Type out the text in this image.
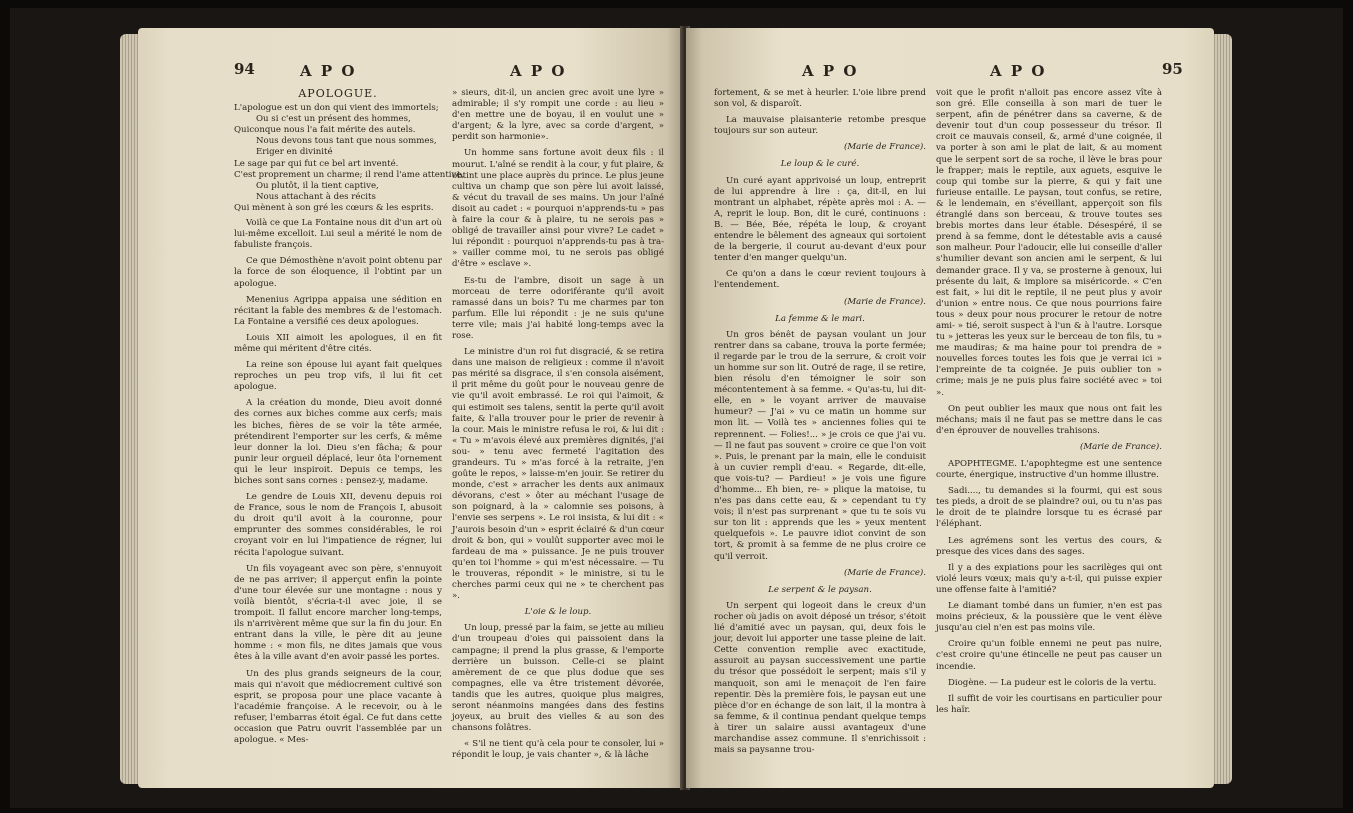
94	A P O	A P O
APOLOGUE.
L'apologue est un don qui vient des immortels;
Ou si c'est un présent des hommes,
Quiconque nous l'a fait mérite des autels.
Nous devons tous tant que nous sommes,
Eriger en divinité
Le sage par qui fut ce bel art inventé.
C'est proprement un charme; il rend l'ame attentive,
Ou plutôt, il la tient captive,
Nous attachant à des récits
Qui mènent à son gré les cœurs & les esprits.

Voilà ce que La Fontaine nous dit d'un art où lui-même excelloit. Lui seul a mérité le nom de fabuliste françois.

Ce que Démosthène n'avoit point obtenu par la force de son éloquence, il l'obtint par un apologue.

Menenius Agrippa appaisa une sédition en récitant la fable des membres & de l'estomach. La Fontaine a versifié ces deux apologues.

Louis XII aimoit les apologues, il en fit même qui méritent d'être cités.

La reine son épouse lui ayant fait quelques reproches un peu trop vifs, il lui fit cet apologue.

A la création du monde, Dieu avoit donné des cornes aux biches comme aux cerfs; mais les biches, fières de se voir la tête armée, prétendirent l'emporter sur les cerfs, & même leur donner la loi. Dieu s'en fâcha; & pour punir leur orgueil déplacé, leur ôta l'ornement qui le leur inspiroit. Depuis ce temps, les biches sont sans cornes : pensez-y, madame.

Le gendre de Louis XII, devenu depuis roi de France, sous le nom de François I, abusoit du droit qu'il avoit à la couronne, pour emprunter des sommes considérables, le roi croyant voir en lui l'impatience de régner, lui récita l'apologue suivant.

Un fils voyageant avec son père, s'ennuyoit de ne pas arriver; il apperçut enfin la pointe d'une tour élevée sur une montagne : nous y voilà bientôt, s'écria-t-il avec joie, il se trompoit. Il fallut encore marcher long-temps, ils n'arrivèrent même que sur la fin du jour. En entrant dans la ville, le père dit au jeune homme : « mon fils, ne dites jamais que vous êtes à la ville avant d'en avoir passé les portes.

Un des plus grands seigneurs de la cour, mais qui n'avoit que médiocrement cultivé son esprit, se proposa pour une place vacante à l'académie françoise. A le recevoir, ou à le refuser, l'embarras étoit égal. Ce fut dans cette occasion que Patru ouvrit l'assemblée par un apologue. « Mes-

» sieurs, dit-il, un ancien grec avoit une lyre » admirable; il s'y rompit une corde : au lieu » d'en mettre une de boyau, il en voulut une » d'argent; & la lyre, avec sa corde d'argent, » perdit son harmonie».

Un homme sans fortune avoit deux fils : il mourut. L'aîné se rendit à la cour, y fut plaire, & obtint une place auprès du prince. Le plus jeune cultiva un champ que son père lui avoit laissé, & vécut du travail de ses mains. Un jour l'aîné disoit au cadet : « pourquoi n'apprends-tu » pas à faire la cour & à plaire, tu ne serois pas » obligé de travailler ainsi pour vivre? Le cadet » lui répondit : pourquoi n'apprends-tu pas à tra- » vailler comme moi, tu ne serois pas obligé d'être » esclave ».

Es-tu de l'ambre, disoit un sage à un morceau de terre odoriférante qu'il avoit ramassé dans un bois? Tu me charmes par ton parfum. Elle lui répondit : je ne suis qu'une terre vile; mais j'ai habité long-temps avec la rose.

Le ministre d'un roi fut disgracié, & se retira dans une maison de religieux : comme il n'avoit pas mérité sa disgrace, il s'en consola aisément, il prit même du goût pour le nouveau genre de vie qu'il avoit embrassé. Le roi qui l'aimoit, & qui estimoit ses talens, sentit la perte qu'il avoit faite, & l'alla trouver pour le prier de revenir à la cour. Mais le ministre refusa le roi, & lui dit : « Tu » m'avois élevé aux premières dignités, j'ai sou- » tenu avec fermeté l'agitation des grandeurs. Tu » m'as forcé à la retraite, j'en goûte le repos, » laisse-m'en jouir. Se retirer du monde, c'est » arracher les dents aux animaux dévorans, c'est » ôter au méchant l'usage de son poignard, à la » calomnie ses poisons, à l'envie ses serpens ». Le roi insista, & lui dit : « J'aurois besoin d'un » esprit éclairé & d'un cœur droit & bon, qui » voulût supporter avec moi le fardeau de ma » puissance. Je ne puis trouver qu'en toi l'homme » qui m'est nécessaire. — Tu le trouveras, répondit » le ministre, si tu le cherches parmi ceux qui ne » te cherchent pas ».

L'oie & le loup.

Un loup, pressé par la faim, se jette au milieu d'un troupeau d'oies qui paissoient dans la campagne; il prend la plus grasse, & l'emporte derrière un buisson. Celle-ci se plaint amèrement de ce que plus dodue que ses compagnes, elle va être tristement dévorée, tandis que les autres, quoique plus maigres, seront néanmoins mangées dans des festins joyeux, au bruit des vielles & au son des chansons folâtres.

« S'il ne tient qu'à cela pour te consoler, lui » répondit le loup, je vais chanter », & là lâche

A P O	A P O	95

fortement, & se met à heurler. L'oie libre prend son vol, & disparoît.

La mauvaise plaisanterie retombe presque toujours sur son auteur.

(Marie de France).
Le loup & le curé.

Un curé ayant apprivoisé un loup, entreprit de lui apprendre à lire : ça, dit-il, en lui montrant un alphabet, répète après moi : A. — A, reprit le loup. Bon, dit le curé, continuons : B. — Bée, Bée, répéta le loup, & croyant entendre le bêlement des agneaux qui sortoient de la bergerie, il courut au-devant d'eux pour tenter d'en manger quelqu'un.

Ce qu'on a dans le cœur revient toujours à l'entendement.

(Marie de France).
La femme & le mari.

Un gros bénêt de paysan voulant un jour rentrer dans sa cabane, trouva la porte fermée; il regarde par le trou de la serrure, & croit voir un homme sur son lit. Outré de rage, il se retire, bien résolu d'en témoigner le soir son mécontentement à sa femme. « Qu'as-tu, lui dit-elle, en » le voyant arriver de mauvaise humeur? — J'ai » vu ce matin un homme sur mon lit. — Voilà tes » anciennes folies qui te reprennent. — Folies!... » je crois ce que j'ai vu. — Il ne faut pas souvent » croire ce que l'on voit ». Puis, le prenant par la main, elle le conduisit à un cuvier rempli d'eau. « Regarde, dit-elle, que vois-tu? — Pardieu! » je vois une figure d'homme... Eh bien, re- » plique la matoise, tu n'es pas dans cette eau, & » cependant tu t'y vois; il n'est pas surprenant » que tu te sois vu sur ton lit : apprends que les » yeux mentent quelquefois ». Le pauvre idiot convint de son tort, & promit à sa femme de ne plus croire ce qu'il verroit.

(Marie de France).
Le serpent & le paysan.

Un serpent qui logeoit dans le creux d'un rocher où jadis on avoit déposé un trésor, s'étoit lié d'amitié avec un paysan, qui, deux fois le jour, devoit lui apporter une tasse pleine de lait. Cette convention remplie avec exactitude, assuroit au paysan successivement une partie du trésor que possédoit le serpent; mais s'il y manquoit, son ami le menaçoit de l'en faire repentir. Dès la première fois, le paysan eut une pièce d'or en échange de son lait, il la montra à sa femme, & il continua pendant quelque temps à tirer un salaire aussi avantageux d'une marchandise assez commune. Il s'enrichissoit : mais sa paysanne trou-

voit que le profit n'alloit pas encore assez vîte à son gré. Elle conseilla à son mari de tuer le serpent, afin de pénétrer dans sa caverne, & de devenir tout d'un coup possesseur du trésor. Il croit ce mauvais conseil, &, armé d'une coignée, il va porter à son ami le plat de lait, & au moment que le serpent sort de sa roche, il lève le bras pour le frapper; mais le reptile, aux aguets, esquive le coup qui tombe sur la pierre, & qui y fait une furieuse entaille. Le paysan, tout confus, se retire, & le lendemain, en s'éveillant, apperçoit son fils étranglé dans son berceau, & trouve toutes ses brebis mortes dans leur étable. Désespéré, il se prend à sa femme, dont le détestable avis a causé son malheur. Pour l'adoucir, elle lui conseille d'aller s'humilier devant son ancien ami le serpent, & lui demander grace. Il y va, se prosterne à genoux, lui présente du lait, & implore sa miséricorde. « C'en est fait, » lui dit le reptile, il ne peut plus y avoir d'union » entre nous. Ce que nous pourrions faire tous » deux pour nous procurer le retour de notre ami- » tié, seroit suspect à l'un & à l'autre. Lorsque tu » jetteras les yeux sur le berceau de ton fils, tu » me maudiras; & ma haine pour toi prendra de » nouvelles forces toutes les fois que je verrai ici » l'empreinte de ta coignée. Je puis oublier ton » crime; mais je ne puis plus faire société avec » toi ».

On peut oublier les maux que nous ont fait les méchans; mais il ne faut pas se mettre dans le cas d'en éprouver de nouvelles trahisons.

(Marie de France).

APOPHTEGME. L'apophtegme est une sentence courte, énergique, instructive d'un homme illustre.

Sadi...., tu demandes si la fourmi, qui est sous tes pieds, a droit de se plaindre? oui, ou tu n'as pas le droit de te plaindre lorsque tu es écrasé par l'éléphant.

Les agrémens sont les vertus des cours, & presque des vices dans des sages.

Il y a des expiations pour les sacrilèges qui ont violé leurs vœux; mais qu'y a-t-il, qui puisse expier une offense faite à l'amitié?

Le diamant tombé dans un fumier, n'en est pas moins précieux, & la poussière que le vent élève jusqu'au ciel n'en est pas moins vile.

Croire qu'un foible ennemi ne peut pas nuire, c'est croire qu'une étincelle ne peut pas causer un incendie.

Diogène. — La pudeur est le coloris de la vertu.

Il suffit de voir les courtisans en particulier pour les haïr.
